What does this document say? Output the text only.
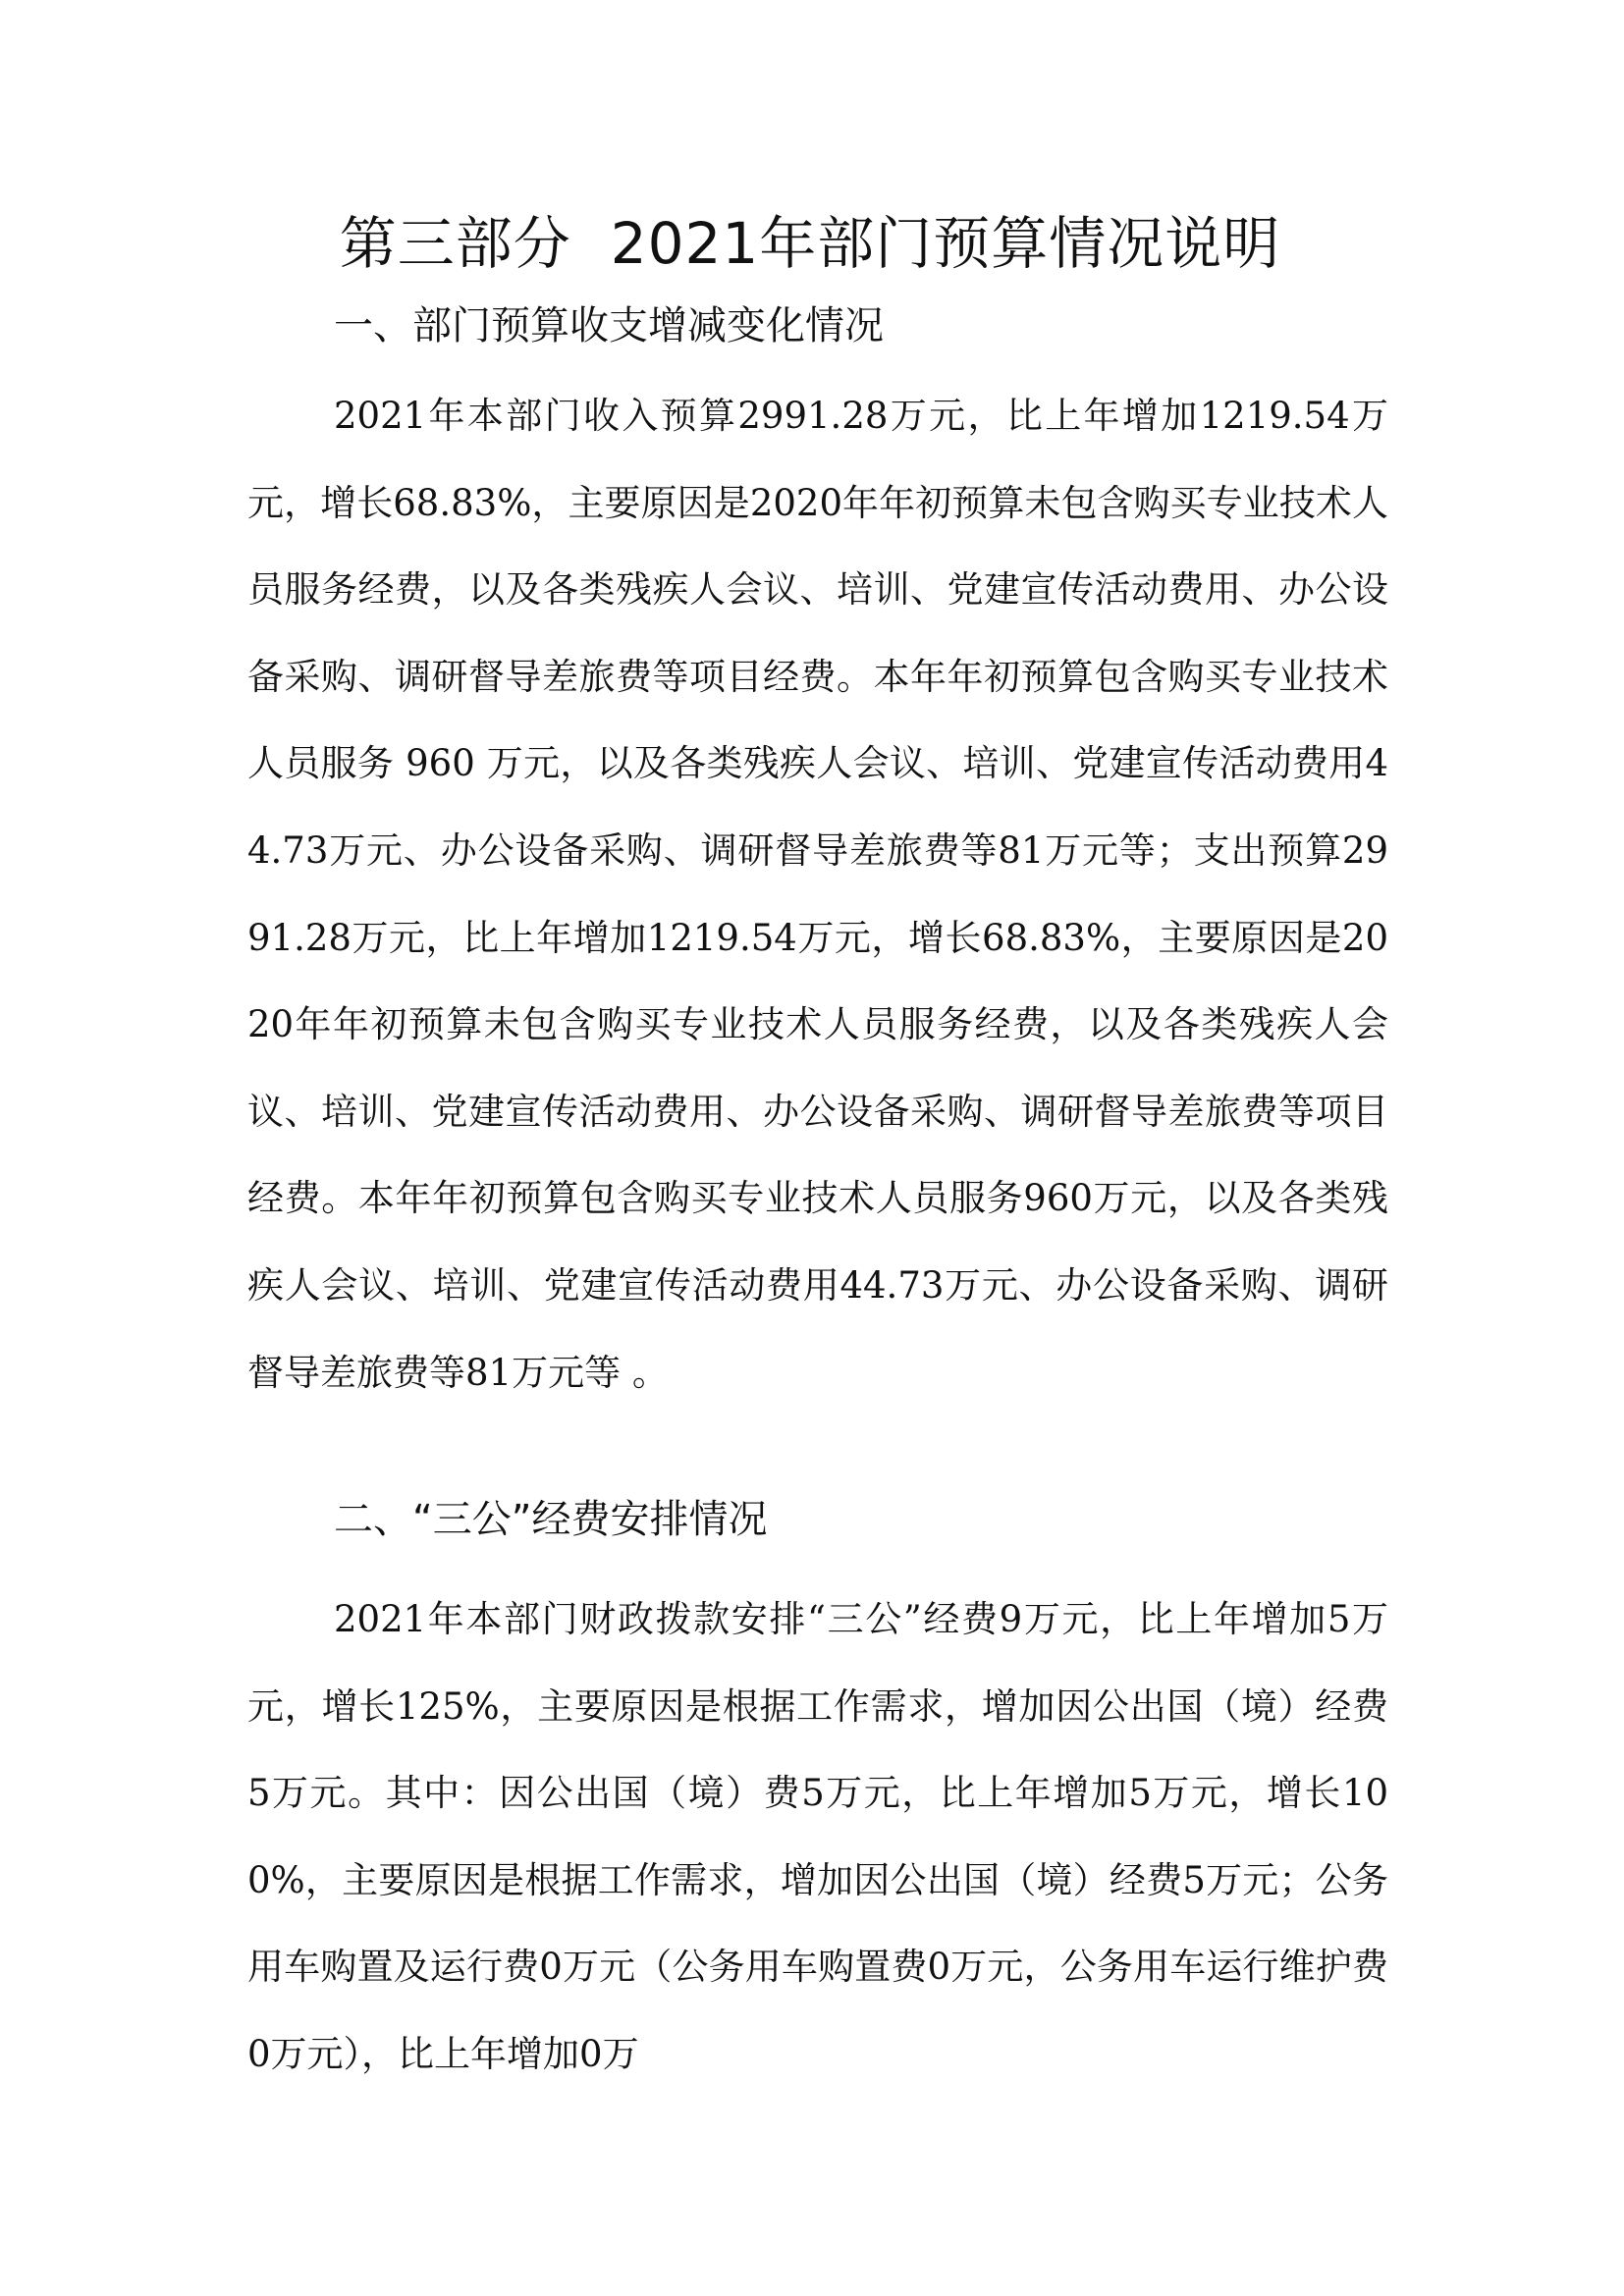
第三部分 2021年部门预算情况说明
一、部门预算收支增减变化情况

2021年本部门收入预算2991.28万元，比上年增加1219.54万元，增长68.83%，主要原因是2020年年初预算未包含购买专业技术人员服务经费，以及各类残疾人会议、培训、党建宣传活动费用、办公设备采购、调研督导差旅费等项目经费。本年年初预算包含购买专业技术人员服务 960 万元，以及各类残疾人会议、培训、党建宣传活动费用44.73万元、办公设备采购、调研督导差旅费等81万元等；支出预算2991.28万元，比上年增加1219.54万元，增长68.83%，主要原因是2020年年初预算未包含购买专业技术人员服务经费，以及各类残疾人会议、培训、党建宣传活动费用、办公设备采购、调研督导差旅费等项目经费。本年年初预算包含购买专业技术人员服务960万元，以及各类残疾人会议、培训、党建宣传活动费用44.73万元、办公设备采购、调研督导差旅费等81万元等 。

二、“三公”经费安排情况

2021年本部门财政拨款安排“三公”经费9万元，比上年增加5万元，增长125%，主要原因是根据工作需求，增加因公出国（境）经费5万元。其中：因公出国（境）费5万元，比上年增加5万元，增长100%，主要原因是根据工作需求，增加因公出国（境）经费5万元；公务用车购置及运行费0万元（公务用车购置费0万元，公务用车运行维护费0万元），比上年增加0万
